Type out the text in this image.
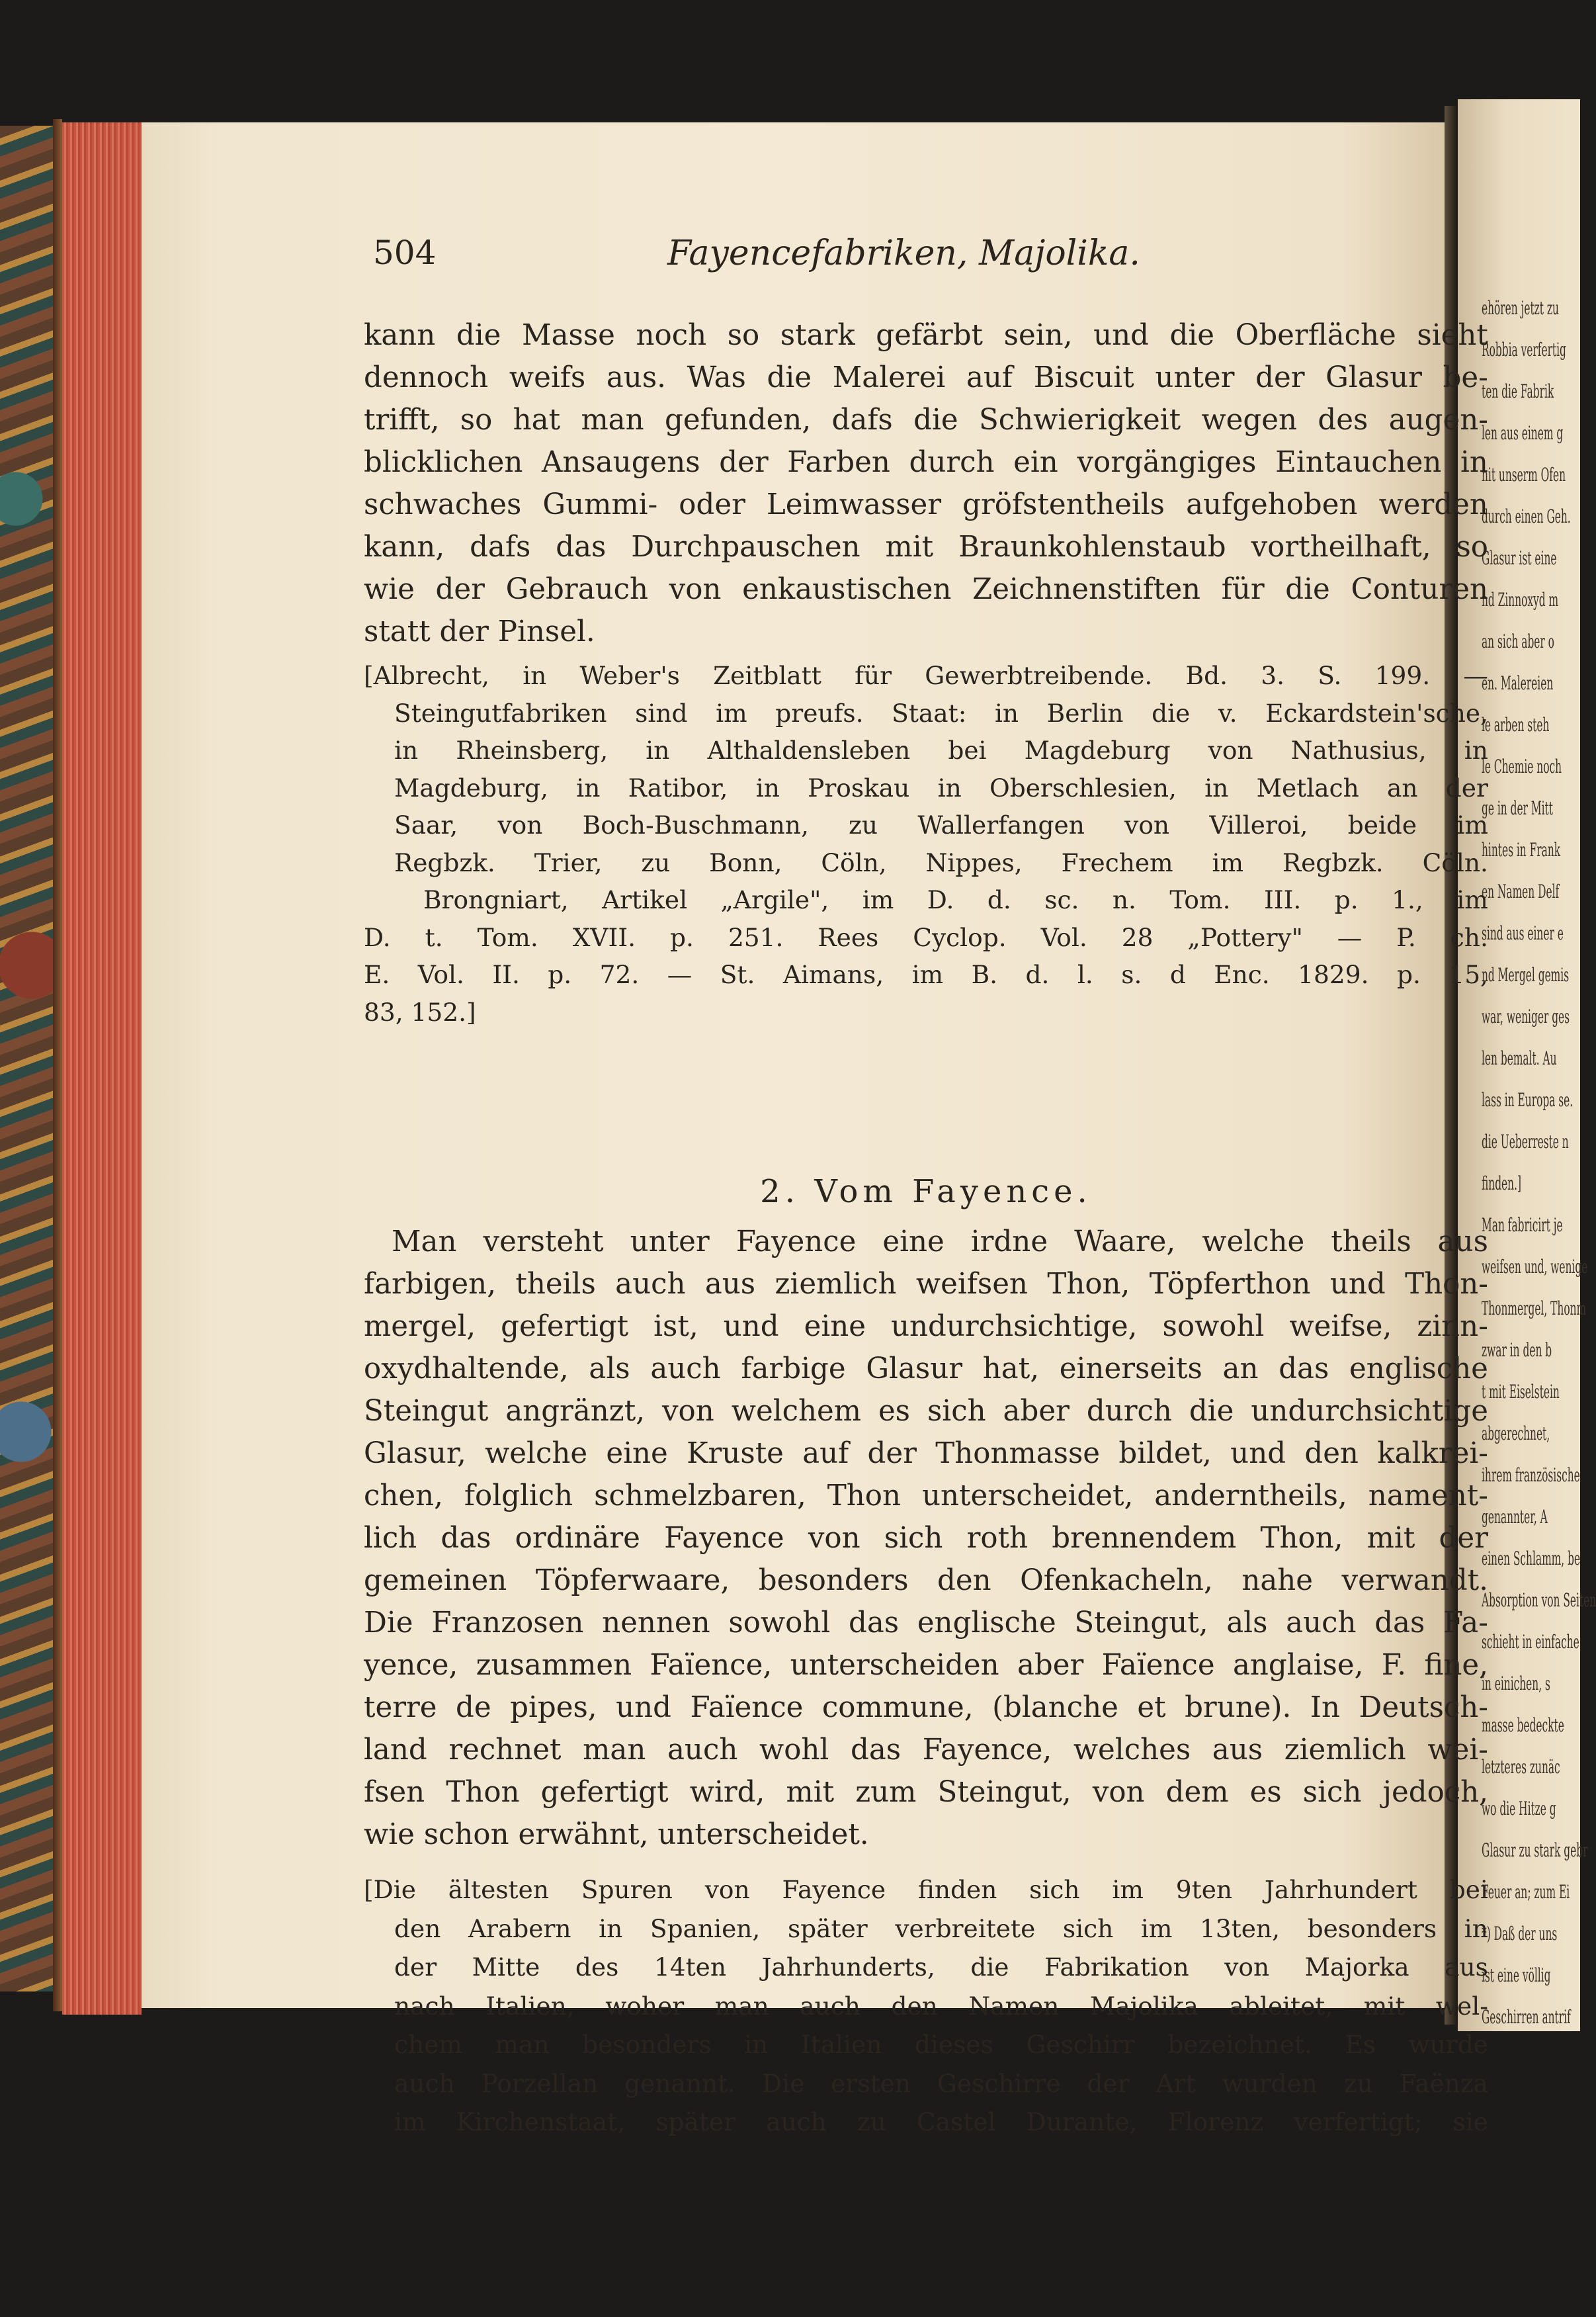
ehören jetzt zu
Robbia verfertig
ten die Fabrik
len aus einem g
nit unserm Ofen
durch einen Geh.
Glasur ist eine
nd Zinnoxyd m
an sich aber o
en. Malereien
le arben steh
le Chemie noch
ge in der Mitt
hintes in Frank
en Namen Delf
sind aus einer e
nd Mergel gemis
war, weniger ges
len bemalt. Au
lass in Europa se.
die Ueberreste n
finden.]
Man fabricirt je
weifsen und, wenige
Thonmergel, Thonm
zwar in den b
t mit Eiselstein
abgerechnet,
ihrem französische
genannter, A
einen Schlamm, be
Absorption von Seiten
schieht in einfache
in einichen, s
masse bedeckte
letzteres zunäc
wo die Hitze g
Glasur zu stark gebr
Feuer an; zum Ei
*) Daß der uns
ist eine völlig
Geschirren antrif
504	Fayencefabriken, Majolika.
kann die Masse noch so stark gefärbt sein, und die Oberfläche sieht
dennoch weifs aus. Was die Malerei auf Biscuit unter der Glasur be-
trifft, so hat man gefunden, dafs die Schwierigkeit wegen des augen-
blicklichen Ansaugens der Farben durch ein vorgängiges Eintauchen in
schwaches Gummi- oder Leimwasser gröfstentheils aufgehoben werden
kann, dafs das Durchpauschen mit Braunkohlenstaub vortheilhaft, so
wie der Gebrauch von enkaustischen Zeichnenstiften für die Conturen
statt der Pinsel.
[Albrecht, in Weber's Zeitblatt für Gewerbtreibende. Bd. 3. S. 199. —
Steingutfabriken sind im preufs. Staat: in Berlin die v. Eckardstein'sche,
in Rheinsberg, in Althaldensleben bei Magdeburg von Nathusius, in
Magdeburg, in Ratibor, in Proskau in Oberschlesien, in Metlach an der
Saar, von Boch-Buschmann, zu Wallerfangen von Villeroi, beide im
Regbzk. Trier, zu Bonn, Cöln, Nippes, Frechem im Regbzk. Cöln.
Brongniart, Artikel „Argile", im D. d. sc. n. Tom. III. p. 1., im
D. t. Tom. XVII. p. 251. Rees Cyclop. Vol. 28 „Pottery" — P. ch.
E. Vol. II. p. 72. — St. Aimans, im B. d. l. s. d Enc. 1829. p. 15,
83, 152.]
2. Vom Fayence.
Man versteht unter Fayence eine irdne Waare, welche theils aus
farbigen, theils auch aus ziemlich weifsen Thon, Töpferthon und Thon-
mergel, gefertigt ist, und eine undurchsichtige, sowohl weifse, zinn-
oxydhaltende, als auch farbige Glasur hat, einerseits an das englische
Steingut angränzt, von welchem es sich aber durch die undurchsichtige
Glasur, welche eine Kruste auf der Thonmasse bildet, und den kalkrei-
chen, folglich schmelzbaren, Thon unterscheidet, anderntheils, nament-
lich das ordinäre Fayence von sich roth brennendem Thon, mit der
gemeinen Töpferwaare, besonders den Ofenkacheln, nahe verwandt.
Die Franzosen nennen sowohl das englische Steingut, als auch das Fa-
yence, zusammen Faïence, unterscheiden aber Faïence anglaise, F. fine,
terre de pipes, und Faïence commune, (blanche et brune). In Deutsch-
land rechnet man auch wohl das Fayence, welches aus ziemlich wei-
fsen Thon gefertigt wird, mit zum Steingut, von dem es sich jedoch,
wie schon erwähnt, unterscheidet.
[Die ältesten Spuren von Fayence finden sich im 9ten Jahrhundert bei
den Arabern in Spanien, später verbreitete sich im 13ten, besonders in
der Mitte des 14ten Jahrhunderts, die Fabrikation von Majorka aus
nach Italien, woher man auch den Namen Majolika ableitet, mit wel-
chem man besonders in Italien dieses Geschirr bezeichnet. Es wurde
auch Porzellan genannt. Die ersten Geschirre der Art wurden zu Faënza
im Kirchenstaat, später auch zu Castel Durante, Florenz verfertigt; sie
